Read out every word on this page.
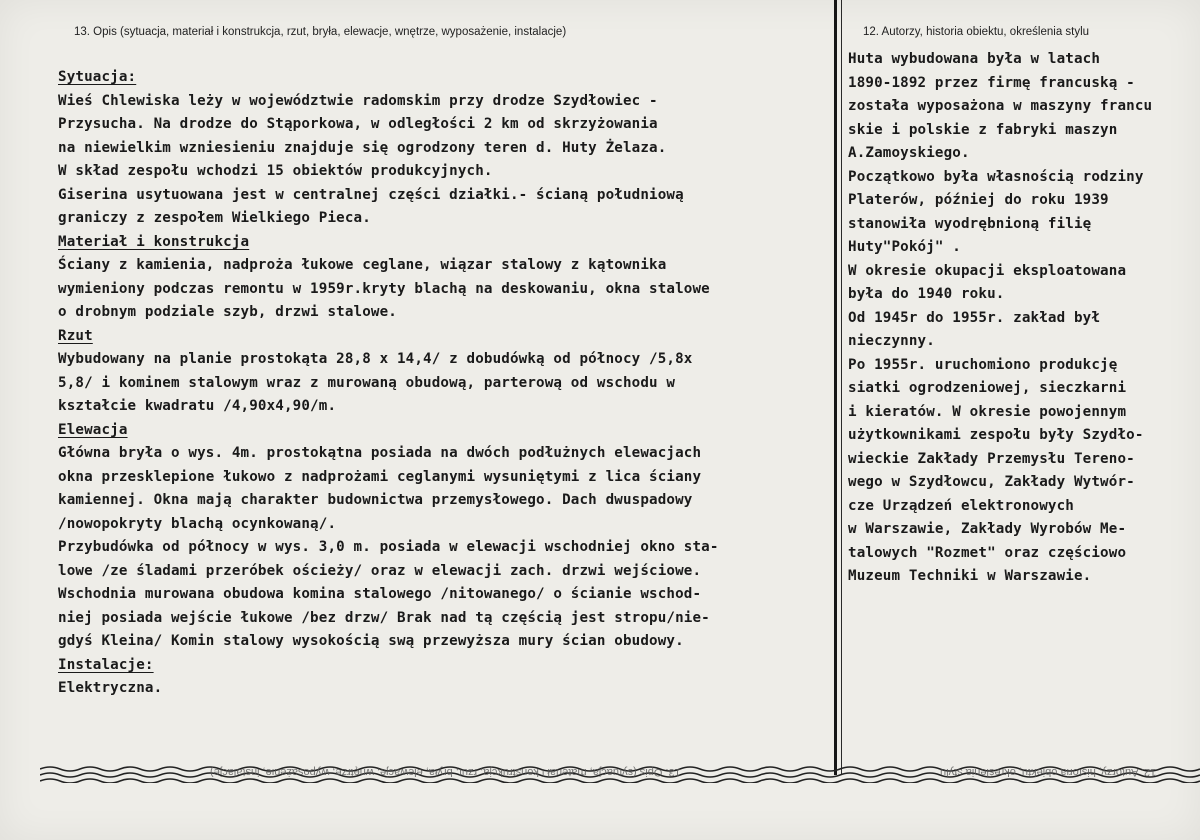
13. Opis (sytuacja, materiał i konstrukcja, rzut, bryła, elewacje, wnętrze, wyposażenie, instalacje)	12. Autorzy, historia obiektu, określenia stylu
Sytuacja:
Wieś Chlewiska leży w województwie radomskim przy drodze Szydłowiec -
Przysucha. Na drodze do Stąporkowa, w odległości 2 km od skrzyżowania
na niewielkim wzniesieniu znajduje się ogrodzony teren d. Huty Żelaza.
W skład zespołu wchodzi 15 obiektów produkcyjnych.
Giserina usytuowana jest w centralnej części działki.- ścianą południową
graniczy z zespołem Wielkiego Pieca.
Materiał i konstrukcja
Ściany z kamienia, nadproża łukowe ceglane, wiązar stalowy z kątownika
wymieniony podczas remontu w 1959r.kryty blachą na deskowaniu, okna stalowe
o drobnym podziale szyb, drzwi stalowe.
Rzut
Wybudowany na planie prostokąta 28,8 x 14,4/ z dobudówką od północy /5,8x
5,8/ i kominem stalowym wraz z murowaną obudową, parterową od wschodu w
kształcie kwadratu /4,90x4,90/m.
Elewacja
Główna bryła o wys. 4m. prostokątna posiada na dwóch podłużnych elewacjach
okna przesklepione łukowo z nadprożami ceglanymi wysuniętymi z lica ściany
kamiennej. Okna mają charakter budownictwa przemysłowego. Dach dwuspadowy
/nowopokryty blachą ocynkowaną/.
Przybudówka od północy w wys. 3,0 m. posiada w elewacji wschodniej okno sta-
lowe /ze śladami przeróbek ościeży/ oraz w elewacji zach. drzwi wejściowe.
Wschodnia murowana obudowa komina stalowego /nitowanego/ o ścianie wschod-
niej posiada wejście łukowe /bez drzw/ Brak nad tą częścią jest stropu/nie-
gdyś Kleina/ Komin stalowy wysokością swą przewyższa mury ścian obudowy.
Instalacje:
Elektryczna.
Huta wybudowana była w latach
1890-1892 przez firmę francuską -
została wyposażona w maszyny francu
skie i polskie z fabryki maszyn
A.Zamoyskiego.
Początkowo była własnością rodziny
Platerów, później do roku 1939
stanowiła wyodrębnioną filię
Huty"Pokój" .
W okresie okupacji eksploatowana
była do 1940 roku.
Od 1945r do 1955r. zakład był
nieczynny.
Po 1955r. uruchomiono produkcję
siatki ogrodzeniowej, sieczkarni
i kieratów. W okresie powojennym
użytkownikami zespołu były Szydło-
wieckie Zakłady Przemysłu Tereno-
wego w Szydłowcu, Zakłady Wytwór-
cze Urządzeń elektronowych
w Warszawie, Zakłady Wyrobów Me-
talowych "Rozmet" oraz częściowo
Muzeum Techniki w Warszawie.
13. Opis (sytuacja, materiał i konstrukcja, rzut, bryła, elewacje, wnętrze, wyposażenie, instalacje)	12. Autorzy, historia obiektu, określenia stylu
